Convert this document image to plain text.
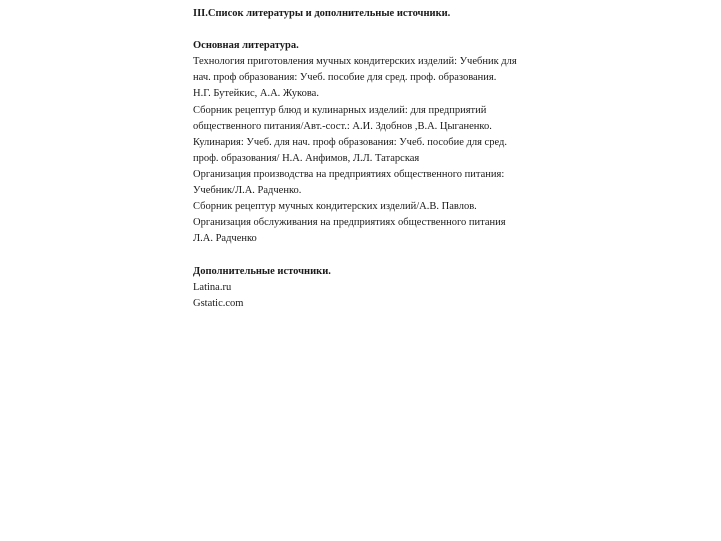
III.Список литературы и дополнительные источники.
Основная литература.
Технология приготовления мучных кондитерских изделий: Учебник для
нач. проф образования: Учеб. пособие для сред. проф. образования.
Н.Г. Бутейкис, А.А. Жукова.
Сборник рецептур блюд и кулинарных изделий: для предприятий
общественного питания/Авт.-сост.: А.И. Здобнов ,В.А. Цыганенко.
Кулинария: Учеб. для нач. проф образования: Учеб. пособие для сред.
проф. образования/ Н.А. Анфимов, Л.Л. Татарская
Организация производства на предприятиях общественного питания:
Учебник/Л.А. Радченко.
Сборник рецептур мучных кондитерских изделий/А.В. Павлов.
Организация обслуживания на предприятиях общественного питания
Л.А. Радченко
Дополнительные источники.
Latina.ru
Gstatic.com
